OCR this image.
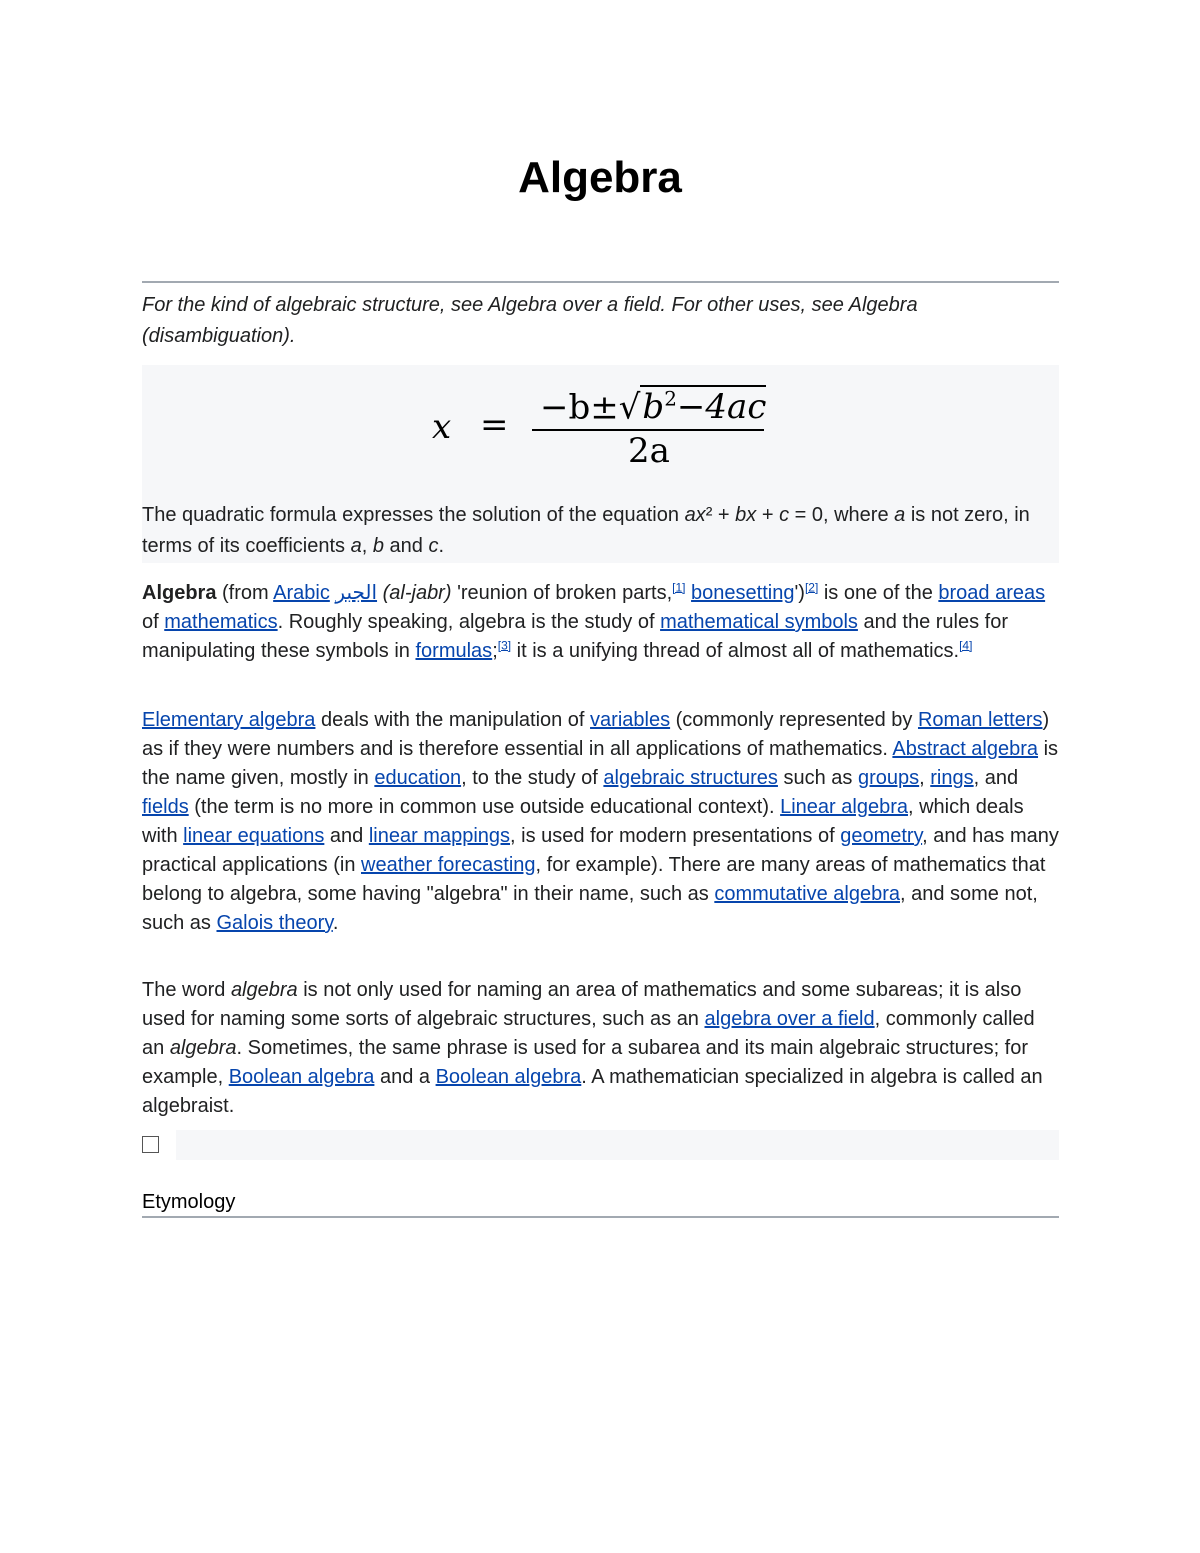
Algebra
For the kind of algebraic structure, see Algebra over a field. For other uses, see Algebra (disambiguation).
$x = -b\pm√b^2-4ac$
2a
The quadratic formula expresses the solution of the equation ax² + bx + c = 0, where a is not zero, in terms of its coefficients a, b and c.
Algebra (from Arabic الجبر (al-jabr) 'reunion of broken parts,[1] bonesetting')[2] is one of the broad areas of mathematics. Roughly speaking, algebra is the study of mathematical symbols and the rules for manipulating these symbols in formulas;[3] it is a unifying thread of almost all of mathematics.[4]
Elementary algebra deals with the manipulation of variables (commonly represented by Roman letters) as if they were numbers and is therefore essential in all applications of mathematics. Abstract algebra is the name given, mostly in education, to the study of algebraic structures such as groups, rings, and fields (the term is no more in common use outside educational context). Linear algebra, which deals with linear equations and linear mappings, is used for modern presentations of geometry, and has many practical applications (in weather forecasting, for example). There are many areas of mathematics that belong to algebra, some having "algebra" in their name, such as commutative algebra, and some not, such as Galois theory.
The word algebra is not only used for naming an area of mathematics and some subareas; it is also used for naming some sorts of algebraic structures, such as an algebra over a field, commonly called an algebra. Sometimes, the same phrase is used for a subarea and its main algebraic structures; for example, Boolean algebra and a Boolean algebra. A mathematician specialized in algebra is called an algebraist.
Etymology
